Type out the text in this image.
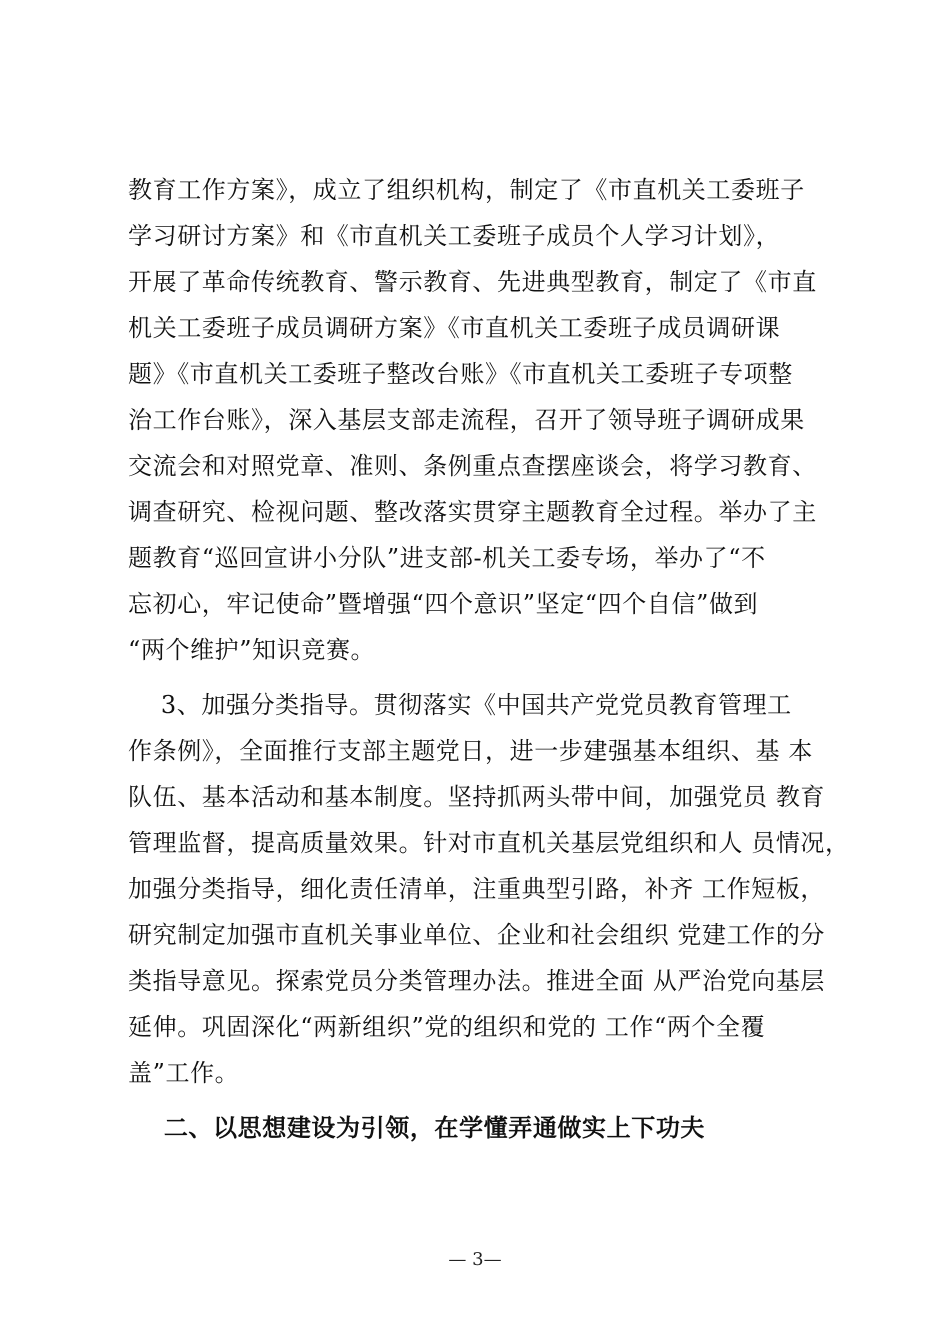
教育工作方案》，成立了组织机构，制定了《市直机关工委班子
学习研讨方案》和《市直机关工委班子成员个人学习计划》，
开展了革命传统教育、警示教育、先进典型教育，制定了《市直
机关工委班子成员调研方案》《市直机关工委班子成员调研课
题》《市直机关工委班子整改台账》《市直机关工委班子专项整
治工作台账》，深入基层支部走流程，召开了领导班子调研成果
交流会和对照党章、准则、条例重点查摆座谈会，将学习教育、
调查研究、检视问题、整改落实贯穿主题教育全过程。举办了主
题教育“巡回宣讲小分队”进支部-机关工委专场，举办了“不
忘初心，牢记使命”暨增强“四个意识”坚定“四个自信”做到
“两个维护”知识竞赛。
3、加强分类指导。贯彻落实《中国共产党党员教育管理工
作条例》，全面推行支部主题党日，进一步建强基本组织、基 本
队伍、基本活动和基本制度。坚持抓两头带中间，加强党员 教育
管理监督，提高质量效果。针对市直机关基层党组织和人 员情况，
加强分类指导，细化责任清单，注重典型引路，补齐 工作短板，
研究制定加强市直机关事业单位、企业和社会组织 党建工作的分
类指导意见。探索党员分类管理办法。推进全面 从严治党向基层
延伸。巩固深化“两新组织”党的组织和党的 工作“两个全覆
盖”工作。
二、以思想建设为引领，在学懂弄通做实上下功夫
— 3—
